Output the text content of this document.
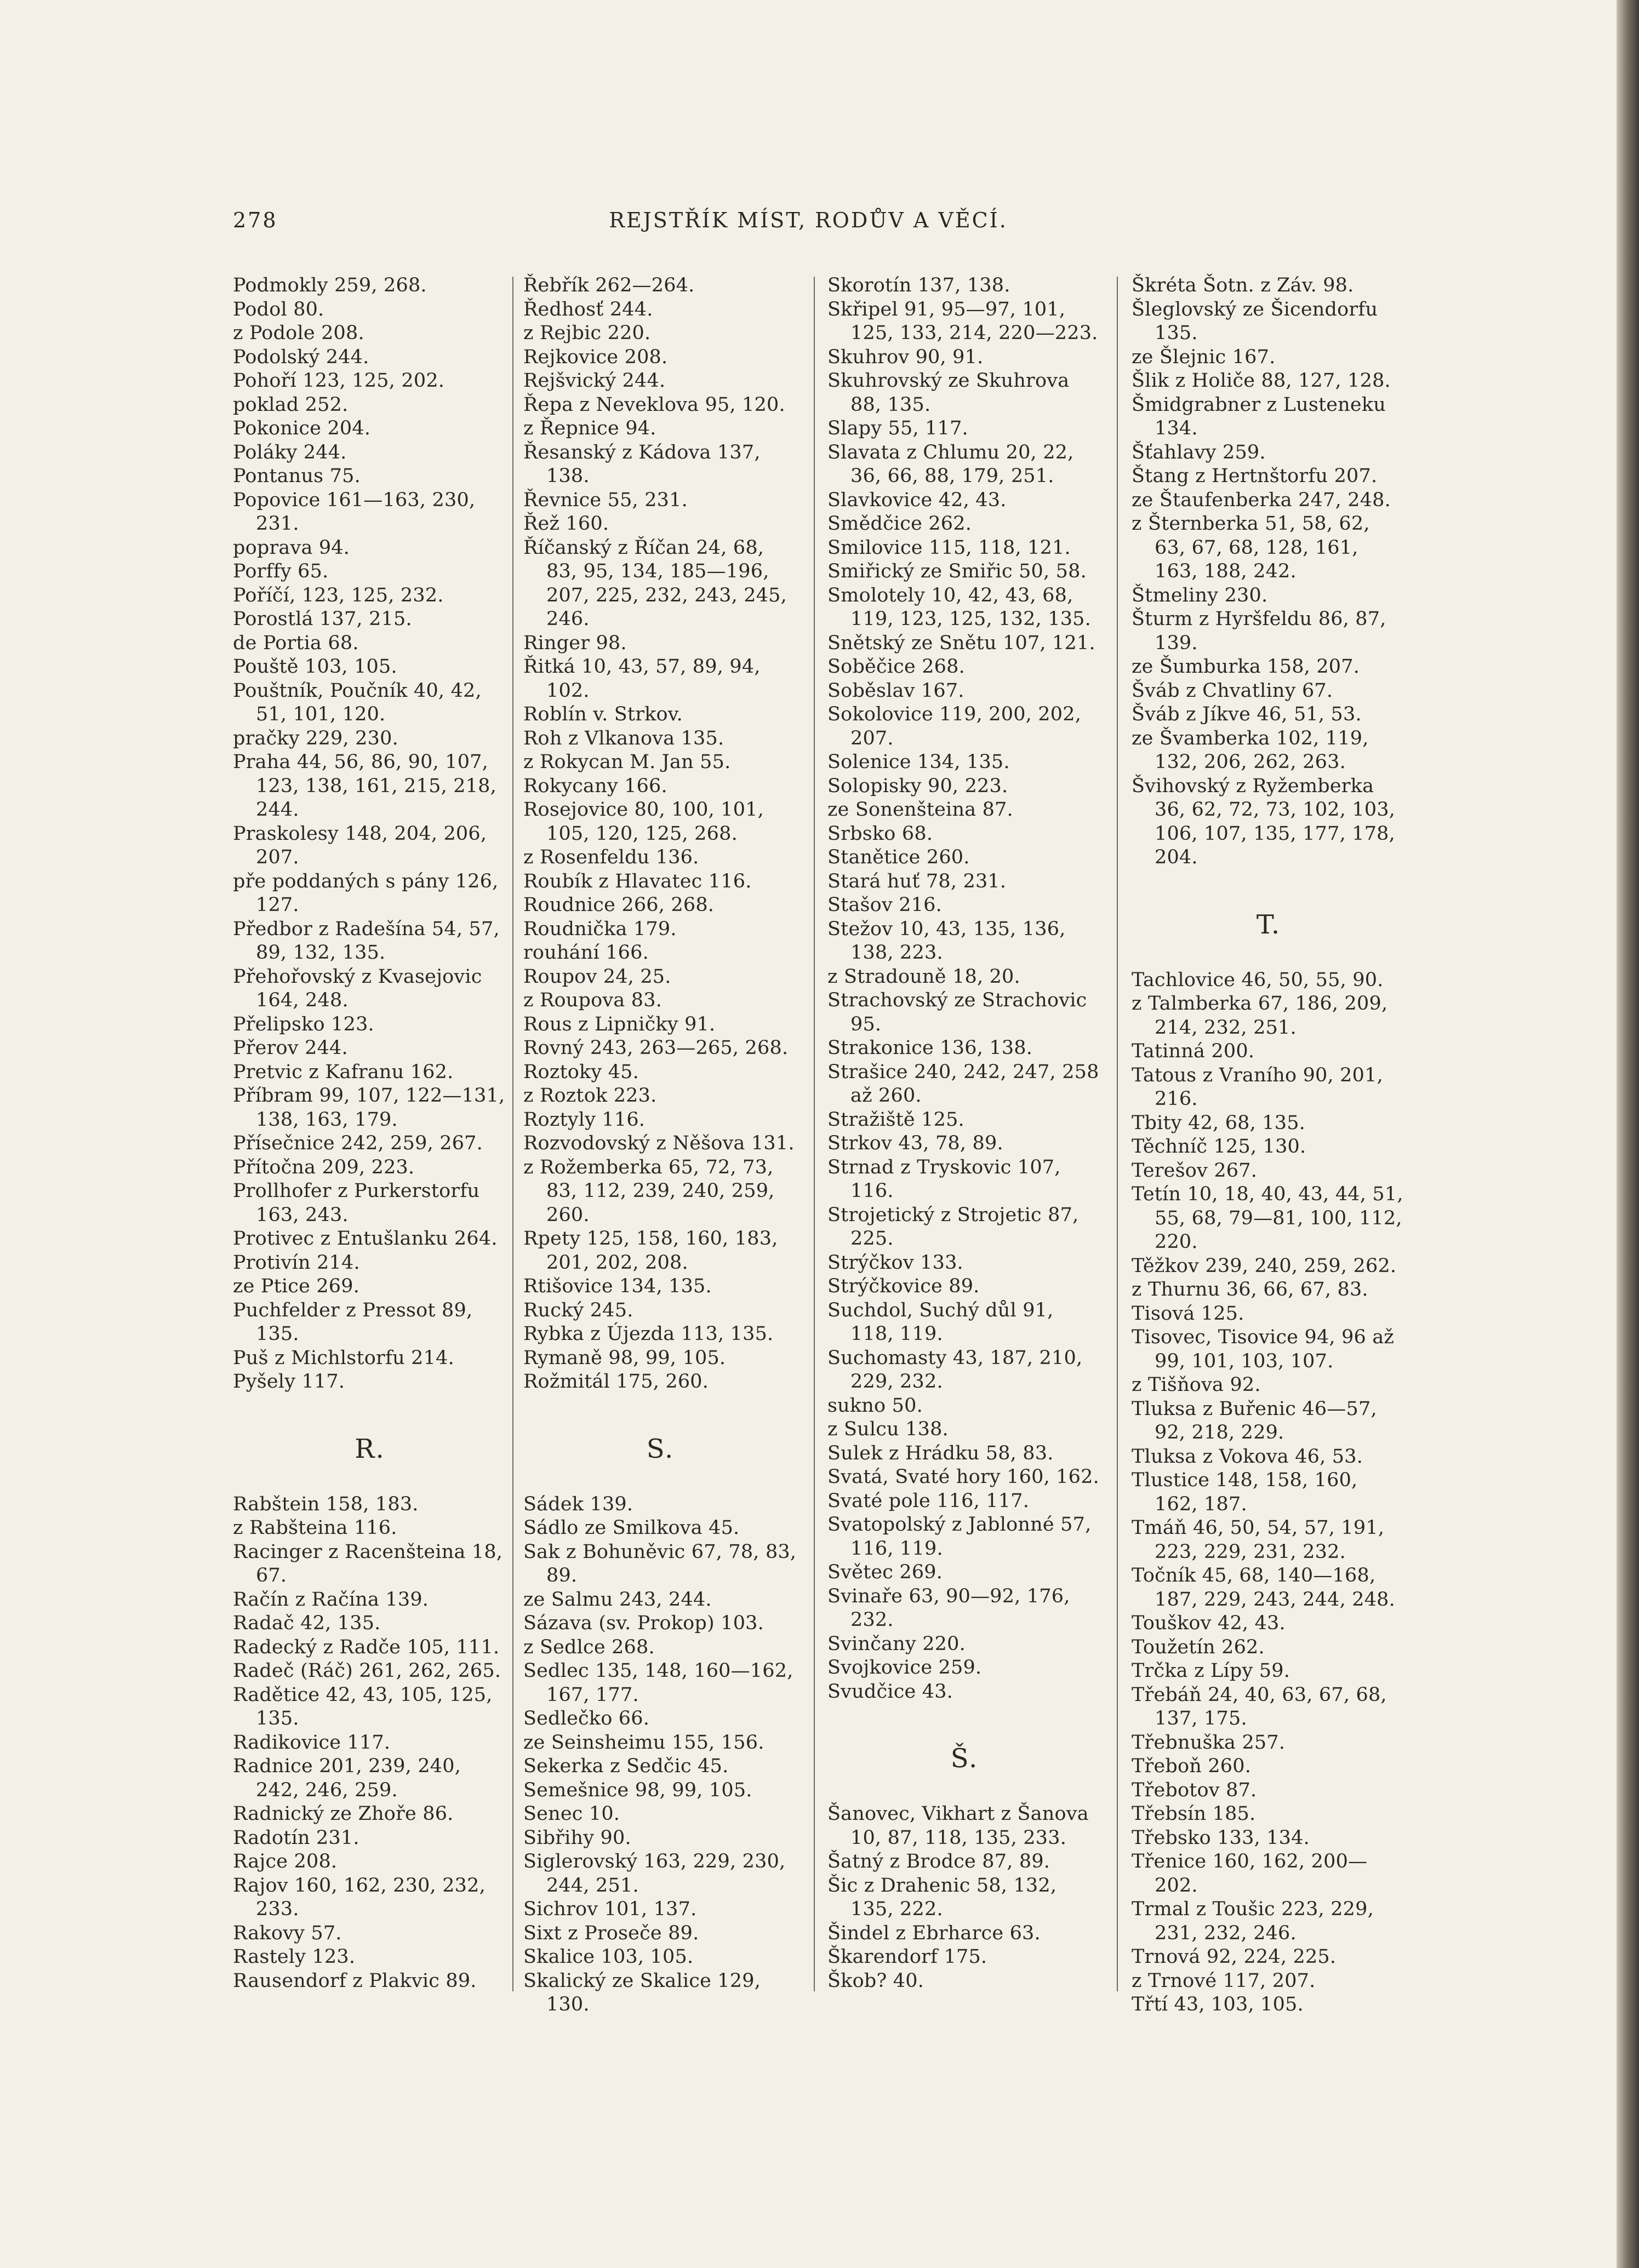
278	REJSTŘÍK MÍST, RODŮV A VĚCÍ.
Podmokly 259, 268.
Podol 80.
z Podole 208.
Podolský 244.
Pohoří 123, 125, 202.
poklad 252.
Pokonice 204.
Poláky 244.
Pontanus 75.
Popovice 161—163, 230, 231.
poprava 94.
Porffy 65.
Poříčí, 123, 125, 232.
Porostlá 137, 215.
de Portia 68.
Pouště 103, 105.
Pouštník, Poučník 40, 42, 51, 101, 120.
pračky 229, 230.
Praha 44, 56, 86, 90, 107, 123, 138, 161, 215, 218, 244.
Praskolesy 148, 204, 206, 207.
pře poddaných s pány 126, 127.
Předbor z Radešína 54, 57, 89, 132, 135.
Přehořovský z Kvasejovic 164, 248.
Přelipsko 123.
Přerov 244.
Pretvic z Kafranu 162.
Příbram 99, 107, 122—131, 138, 163, 179.
Přísečnice 242, 259, 267.
Přítočna 209, 223.
Prollhofer z Purkerstorfu 163, 243.
Protivec z Entušlanku 264.
Protivín 214.
ze Ptice 269.
Puchfelder z Pressot 89, 135.
Puš z Michlstorfu 214.
Pyšely 117.
R.
Rabštein 158, 183.
z Rabšteina 116.
Racinger z Racenšteina 18, 67.
Račín z Račína 139.
Radač 42, 135.
Radecký z Radče 105, 111.
Radeč (Ráč) 261, 262, 265.
Radětice 42, 43, 105, 125, 135.
Radikovice 117.
Radnice 201, 239, 240, 242, 246, 259.
Radnický ze Zhoře 86.
Radotín 231.
Rajce 208.
Rajov 160, 162, 230, 232, 233.
Rakovy 57.
Rastely 123.
Rausendorf z Plakvic 89.
Řebřík 262—264.
Ředhosť 244.
z Rejbic 220.
Rejkovice 208.
Rejšvický 244.
Řepa z Neveklova 95, 120.
z Řepnice 94.
Řesanský z Kádova 137, 138.
Řevnice 55, 231.
Řež 160.
Říčanský z Říčan 24, 68, 83, 95, 134, 185—196, 207, 225, 232, 243, 245, 246.
Ringer 98.
Řitká 10, 43, 57, 89, 94, 102.
Roblín v. Strkov.
Roh z Vlkanova 135.
z Rokycan M. Jan 55.
Rokycany 166.
Rosejovice 80, 100, 101, 105, 120, 125, 268.
z Rosenfeldu 136.
Roubík z Hlavatec 116.
Roudnice 266, 268.
Roudnička 179.
rouhání 166.
Roupov 24, 25.
z Roupova 83.
Rous z Lipničky 91.
Rovný 243, 263—265, 268.
Roztoky 45.
z Roztok 223.
Roztyly 116.
Rozvodovský z Něšova 131.
z Rožemberka 65, 72, 73, 83, 112, 239, 240, 259, 260.
Rpety 125, 158, 160, 183, 201, 202, 208.
Rtišovice 134, 135.
Rucký 245.
Rybka z Újezda 113, 135.
Rymaně 98, 99, 105.
Rožmitál 175, 260.
S.
Sádek 139.
Sádlo ze Smilkova 45.
Sak z Bohuněvic 67, 78, 83, 89.
ze Salmu 243, 244.
Sázava (sv. Prokop) 103.
z Sedlce 268.
Sedlec 135, 148, 160—162, 167, 177.
Sedlečko 66.
ze Seinsheimu 155, 156.
Sekerka z Sedčic 45.
Semešnice 98, 99, 105.
Senec 10.
Sibřihy 90.
Siglerovský 163, 229, 230, 244, 251.
Sichrov 101, 137.
Sixt z Proseče 89.
Skalice 103, 105.
Skalický ze Skalice 129, 130.
Skorotín 137, 138.
Skřipel 91, 95—97, 101, 125, 133, 214, 220—223.
Skuhrov 90, 91.
Skuhrovský ze Skuhrova 88, 135.
Slapy 55, 117.
Slavata z Chlumu 20, 22, 36, 66, 88, 179, 251.
Slavkovice 42, 43.
Smědčice 262.
Smilovice 115, 118, 121.
Smiřický ze Smiřic 50, 58.
Smolotely 10, 42, 43, 68, 119, 123, 125, 132, 135.
Snětský ze Snětu 107, 121.
Soběčice 268.
Soběslav 167.
Sokolovice 119, 200, 202, 207.
Solenice 134, 135.
Solopisky 90, 223.
ze Sonenšteina 87.
Srbsko 68.
Stanětice 260.
Stará huť 78, 231.
Stašov 216.
Stežov 10, 43, 135, 136, 138, 223.
z Stradouně 18, 20.
Strachovský ze Strachovic 95.
Strakonice 136, 138.
Strašice 240, 242, 247, 258 až 260.
Stražiště 125.
Strkov 43, 78, 89.
Strnad z Tryskovic 107, 116.
Strojetický z Strojetic 87, 225.
Strýčkov 133.
Strýčkovice 89.
Suchdol, Suchý důl 91, 118, 119.
Suchomasty 43, 187, 210, 229, 232.
sukno 50.
z Sulcu 138.
Sulek z Hrádku 58, 83.
Svatá, Svaté hory 160, 162.
Svaté pole 116, 117.
Svatopolský z Jablonné 57, 116, 119.
Světec 269.
Svinaře 63, 90—92, 176, 232.
Svinčany 220.
Svojkovice 259.
Svudčice 43.
Š.
Šanovec, Vikhart z Šanova 10, 87, 118, 135, 233.
Šatný z Brodce 87, 89.
Šic z Drahenic 58, 132, 135, 222.
Šindel z Ebrharce 63.
Škarendorf 175.
Škob? 40.
Škréta Šotn. z Záv. 98.
Šleglovský ze Šicendorfu 135.
ze Šlejnic 167.
Šlik z Holiče 88, 127, 128.
Šmidgrabner z Lusteneku 134.
Šťahlavy 259.
Štang z Hertnštorfu 207.
ze Štaufenberka 247, 248.
z Šternberka 51, 58, 62, 63, 67, 68, 128, 161, 163, 188, 242.
Štmeliny 230.
Šturm z Hyršfeldu 86, 87, 139.
ze Šumburka 158, 207.
Šváb z Chvatliny 67.
Šváb z Jíkve 46, 51, 53.
ze Švamberka 102, 119, 132, 206, 262, 263.
Švihovský z Ryžemberka 36, 62, 72, 73, 102, 103, 106, 107, 135, 177, 178, 204.
T.
Tachlovice 46, 50, 55, 90.
z Talmberka 67, 186, 209, 214, 232, 251.
Tatinná 200.
Tatous z Vraního 90, 201, 216.
Tbity 42, 68, 135.
Těchníč 125, 130.
Terešov 267.
Tetín 10, 18, 40, 43, 44, 51, 55, 68, 79—81, 100, 112, 220.
Těžkov 239, 240, 259, 262.
z Thurnu 36, 66, 67, 83.
Tisová 125.
Tisovec, Tisovice 94, 96 až 99, 101, 103, 107.
z Tišňova 92.
Tluksa z Buřenic 46—57, 92, 218, 229.
Tluksa z Vokova 46, 53.
Tlustice 148, 158, 160, 162, 187.
Tmáň 46, 50, 54, 57, 191, 223, 229, 231, 232.
Točník 45, 68, 140—168, 187, 229, 243, 244, 248.
Touškov 42, 43.
Toužetín 262.
Trčka z Lípy 59.
Třebáň 24, 40, 63, 67, 68, 137, 175.
Třebnuška 257.
Třeboň 260.
Třebotov 87.
Třebsín 185.
Třebsko 133, 134.
Třenice 160, 162, 200—202.
Trmal z Toušic 223, 229, 231, 232, 246.
Trnová 92, 224, 225.
z Trnové 117, 207.
Třtí 43, 103, 105.
